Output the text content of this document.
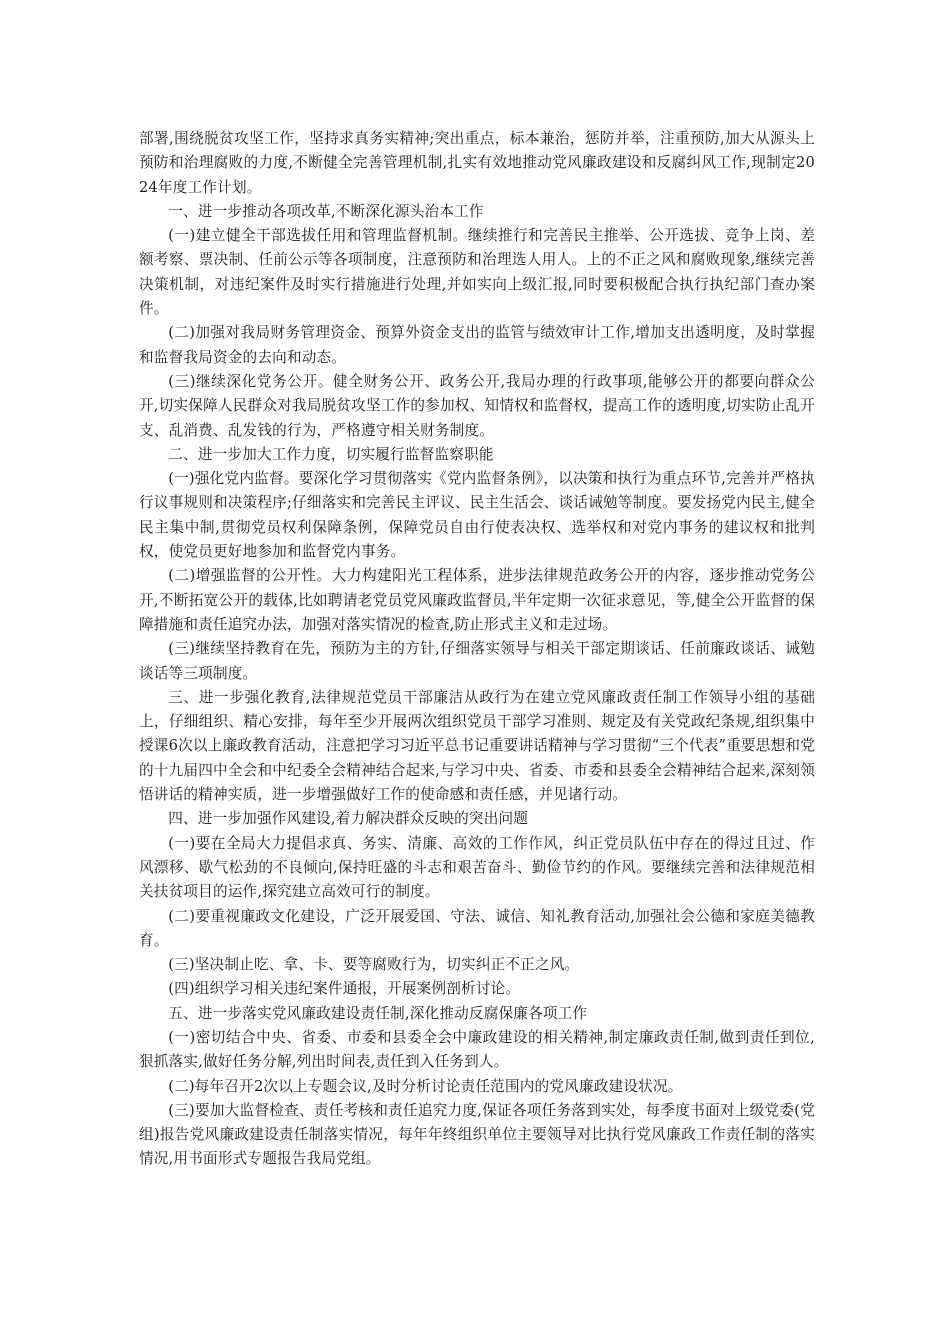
部署,围绕脱贫攻坚工作，坚持求真务实精神;突出重点，标本兼治，惩防并举，注重预防,加大从源头上预防和治理腐败的力度,不断健全完善管理机制,扎实有效地推动党风廉政建设和反腐纠风工作,现制定2024年度工作计划。

一、进一步推动各项改革,不断深化源头治本工作

(一)建立健全干部选拔任用和管理监督机制。继续推行和完善民主推举、公开选拔、竞争上岗、差额考察、票决制、任前公示等各项制度，注意预防和治理选人用人。上的不正之风和腐败现象,继续完善决策机制，对违纪案件及时实行措施进行处理,并如实向上级汇报,同时要积极配合执行执纪部门查办案件。

(二)加强对我局财务管理资金、预算外资金支出的监管与绩效审计工作,增加支出透明度，及时掌握和监督我局资金的去向和动态。

(三)继续深化党务公开。健全财务公开、政务公开,我局办理的行政事项,能够公开的都要向群众公开,切实保障人民群众对我局脱贫攻坚工作的参加权、知情权和监督权，提高工作的透明度,切实防止乱开支、乱消费、乱发钱的行为，严格遵守相关财务制度。

二、进一步加大工作力度，切实履行监督监察职能

(一)强化党内监督。要深化学习贯彻落实《党内监督条例》，以决策和执行为重点环节,完善并严格执行议事规则和决策程序;仔细落实和完善民主评议、民主生活会、谈话诫勉等制度。要发扬党内民主,健全民主集中制,贯彻党员权利保障条例，保障党员自由行使表决权、选举权和对党内事务的建议权和批判权，使党员更好地参加和监督党内事务。

(二)增强监督的公开性。大力构建阳光工程体系，进步法律规范政务公开的内容，逐步推动党务公开,不断拓宽公开的载体,比如聘请老党员党风廉政监督员,半年定期一次征求意见，等,健全公开监督的保障措施和责任追究办法，加强对落实情况的检查,防止形式主义和走过场。

(三)继续坚持教育在先，预防为主的方针,仔细落实领导与相关干部定期谈话、任前廉政谈话、诫勉谈话等三项制度。

三、进一步强化教育,法律规范党员干部廉洁从政行为在建立党风廉政责任制工作领导小组的基础上，仔细组织、精心安排，每年至少开展两次组织党员干部学习准则、规定及有关党政纪条规,组织集中授课6次以上廉政教育活动，注意把学习习近平总书记重要讲话精神与学习贯彻“三个代表”重要思想和党的十九届四中全会和中纪委全会精神结合起来,与学习中央、省委、市委和县委全会精神结合起来,深刻领悟讲话的精神实质，进一步增强做好工作的使命感和责任感，并见诸行动。

四、进一步加强作风建设,着力解决群众反映的突出问题

(一)要在全局大力提倡求真、务实、清廉、高效的工作作风，纠正党员队伍中存在的得过且过、作风漂移、歇气松劲的不良倾向,保持旺盛的斗志和艰苦奋斗、勤俭节约的作风。要继续完善和法律规范相关扶贫项目的运作,探究建立高效可行的制度。

(二)要重视廉政文化建设，广泛开展爱国、守法、诚信、知礼教育活动,加强社会公德和家庭美德教育。

(三)坚决制止吃、拿、卡、要等腐败行为，切实纠正不正之风。

(四)组织学习相关违纪案件通报，开展案例剖析讨论。

五、进一步落实党风廉政建设责任制,深化推动反腐保廉各项工作

(一)密切结合中央、省委、市委和县委全会中廉政建设的相关精神,制定廉政责任制,做到责任到位,狠抓落实,做好任务分解,列出时间表,责任到入任务到人。

(二)每年召开2次以上专题会议,及时分析讨论责任范围内的党风廉政建设状况。

(三)要加大监督检查、责任考核和责任追究力度,保证各项任务落到实处，每季度书面对上级党委(党组)报告党风廉政建设责任制落实情况，每年年终组织单位主要领导对比执行党风廉政工作责任制的落实情况,用书面形式专题报告我局党组。
